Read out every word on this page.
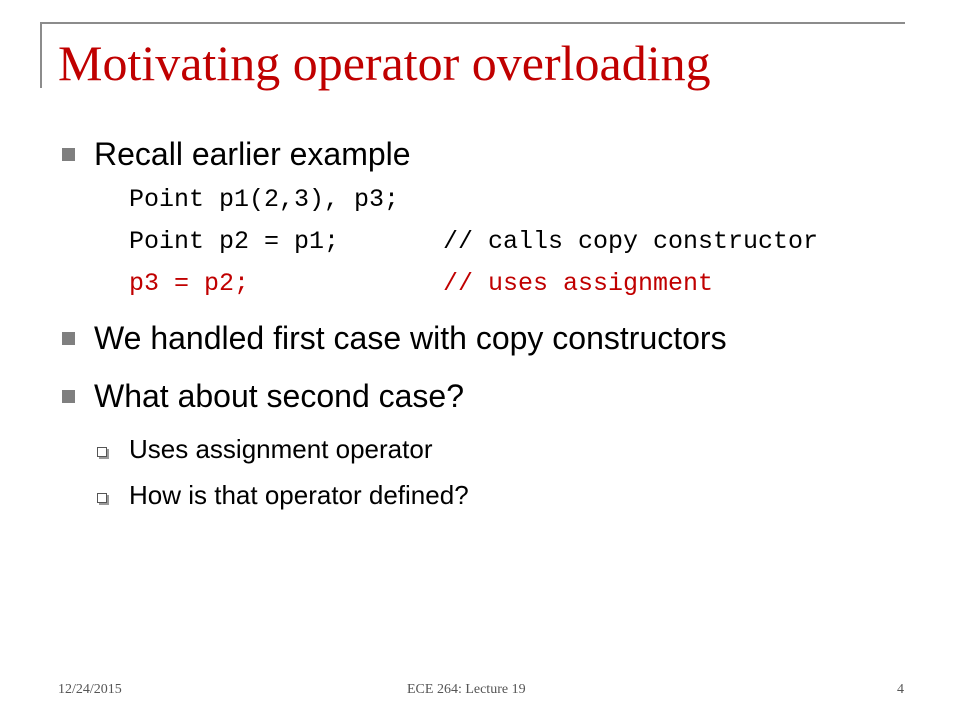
Motivating operator overloading
Recall earlier example
Point p1(2,3), p3;
Point p2 = p1;	// calls copy constructor
p3 = p2;	// uses assignment
We handled first case with copy constructors
What about second case?
Uses assignment operator
How is that operator defined?
12/24/2015	ECE 264: Lecture 19	4
